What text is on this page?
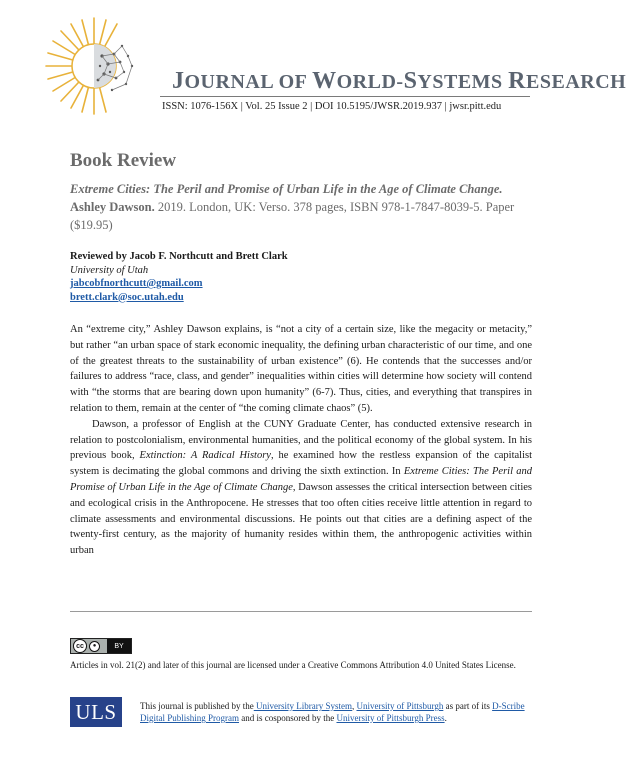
JOURNAL OF WORLD-SYSTEMS RESEARCH
ISSN: 1076-156X | Vol. 25 Issue 2 | DOI 10.5195/JWSR.2019.937 | jwsr.pitt.edu
Book Review
Extreme Cities: The Peril and Promise of Urban Life in the Age of Climate Change. Ashley Dawson. 2019. London, UK: Verso. 378 pages, ISBN 978-1-7847-8039-5. Paper ($19.95)
Reviewed by Jacob F. Northcutt and Brett Clark
University of Utah
jabcobfnorthcutt@gmail.com
brett.clark@soc.utah.edu

An “extreme city,” Ashley Dawson explains, is “not a city of a certain size, like the megacity or metacity,” but rather “an urban space of stark economic inequality, the defining urban characteristic of our time, and one of the greatest threats to the sustainability of urban existence” (6). He contends that the successes and/or failures to address “race, class, and gender” inequalities within cities will determine how society will contend with “the storms that are bearing down upon humanity” (6-7). Thus, cities, and everything that transpires in relation to them, remain at the center of “the coming climate chaos” (5).

Dawson, a professor of English at the CUNY Graduate Center, has conducted extensive research in relation to postcolonialism, environmental humanities, and the political economy of the global system. In his previous book, Extinction: A Radical History, he examined how the restless expansion of the capitalist system is decimating the global commons and driving the sixth extinction. In Extreme Cities: The Peril and Promise of Urban Life in the Age of Climate Change, Dawson assesses the critical intersection between cities and ecological crisis in the Anthropocene. He stresses that too often cities receive little attention in regard to climate assessments and environmental discussions. He points out that cities are a defining aspect of the twenty-first century, as the majority of humanity resides within them, the anthropogenic activities within urban

cc	●	BY
Articles in vol. 21(2) and later of this journal are licensed under a Creative Commons Attribution 4.0 United States License.
ULS	This journal is published by the University Library System, University of Pittsburgh as part of its D-Scribe Digital Publishing Program and is cosponsored by the University of Pittsburgh Press.
